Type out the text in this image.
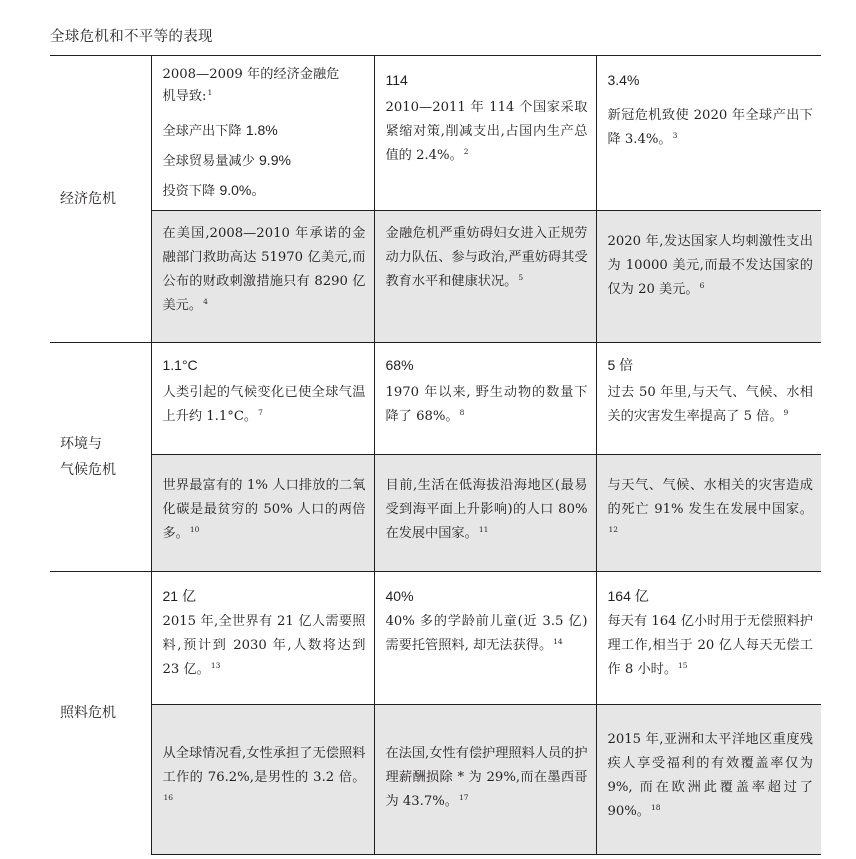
全球危机和不平等的表现
经济危机	2008—2009 年的经济金融危
机导致:$^1$
全球产出下降 1.8%
全球贸易量减少 9.9%
投资下降 9.0%。	114
2010—2011 年 114 个国家采取紧缩对策,削减支出,占国内生产总值的 2.4%。$^2$	3.4%
新冠危机致使 2020 年全球产出下降 3.4%。$^3$

	在美国,2008—2010 年承诺的金融部门救助高达 51970 亿美元,而公布的财政刺激措施只有 8290 亿美元。$^4$	金融危机严重妨碍妇女进入正规劳动力队伍、参与政治,严重妨碍其受教育水平和健康状况。$^5$	2020 年,发达国家人均刺激性支出为 10000 美元,而最不发达国家的仅为 20 美元。$^6$

环境与
气候危机	1.1°C
人类引起的气候变化已使全球气温上升约 1.1°C。$^7$	68%
1970 年以来, 野生动物的数量下降了 68%。$^8$	5 倍
过去 50 年里,与天气、气候、水相关的灾害发生率提高了 5 倍。$^9$

	世界最富有的 1% 人口排放的二氧化碳是最贫穷的 50% 人口的两倍多。$^{10}$	目前,生活在低海拔沿海地区(最易受到海平面上升影响)的人口 80% 在发展中国家。$^{11}$	与天气、气候、水相关的灾害造成的死亡 91% 发生在发展中国家。$^{12}$

照料危机	21 亿
2015 年,全世界有 21 亿人需要照料,预计到 2030 年,人数将达到 23 亿。$^{13}$	40%
40% 多的学龄前儿童(近 3.5 亿)需要托管照料, 却无法获得。$^{14}$	164 亿
每天有 164 亿小时用于无偿照料护理工作,相当于 20 亿人每天无偿工作 8 小时。$^{15}$

	从全球情况看,女性承担了无偿照料工作的 76.2%,是男性的 3.2 倍。$^{16}$	在法国,女性有偿护理照料人员的护理薪酬损除 * 为 29%,而在墨西哥为 43.7%。$^{17}$	2015 年,亚洲和太平洋地区重度残疾人享受福利的有效覆盖率仅为 9%, 而在欧洲此覆盖率超过了 90%。$^{18}$
